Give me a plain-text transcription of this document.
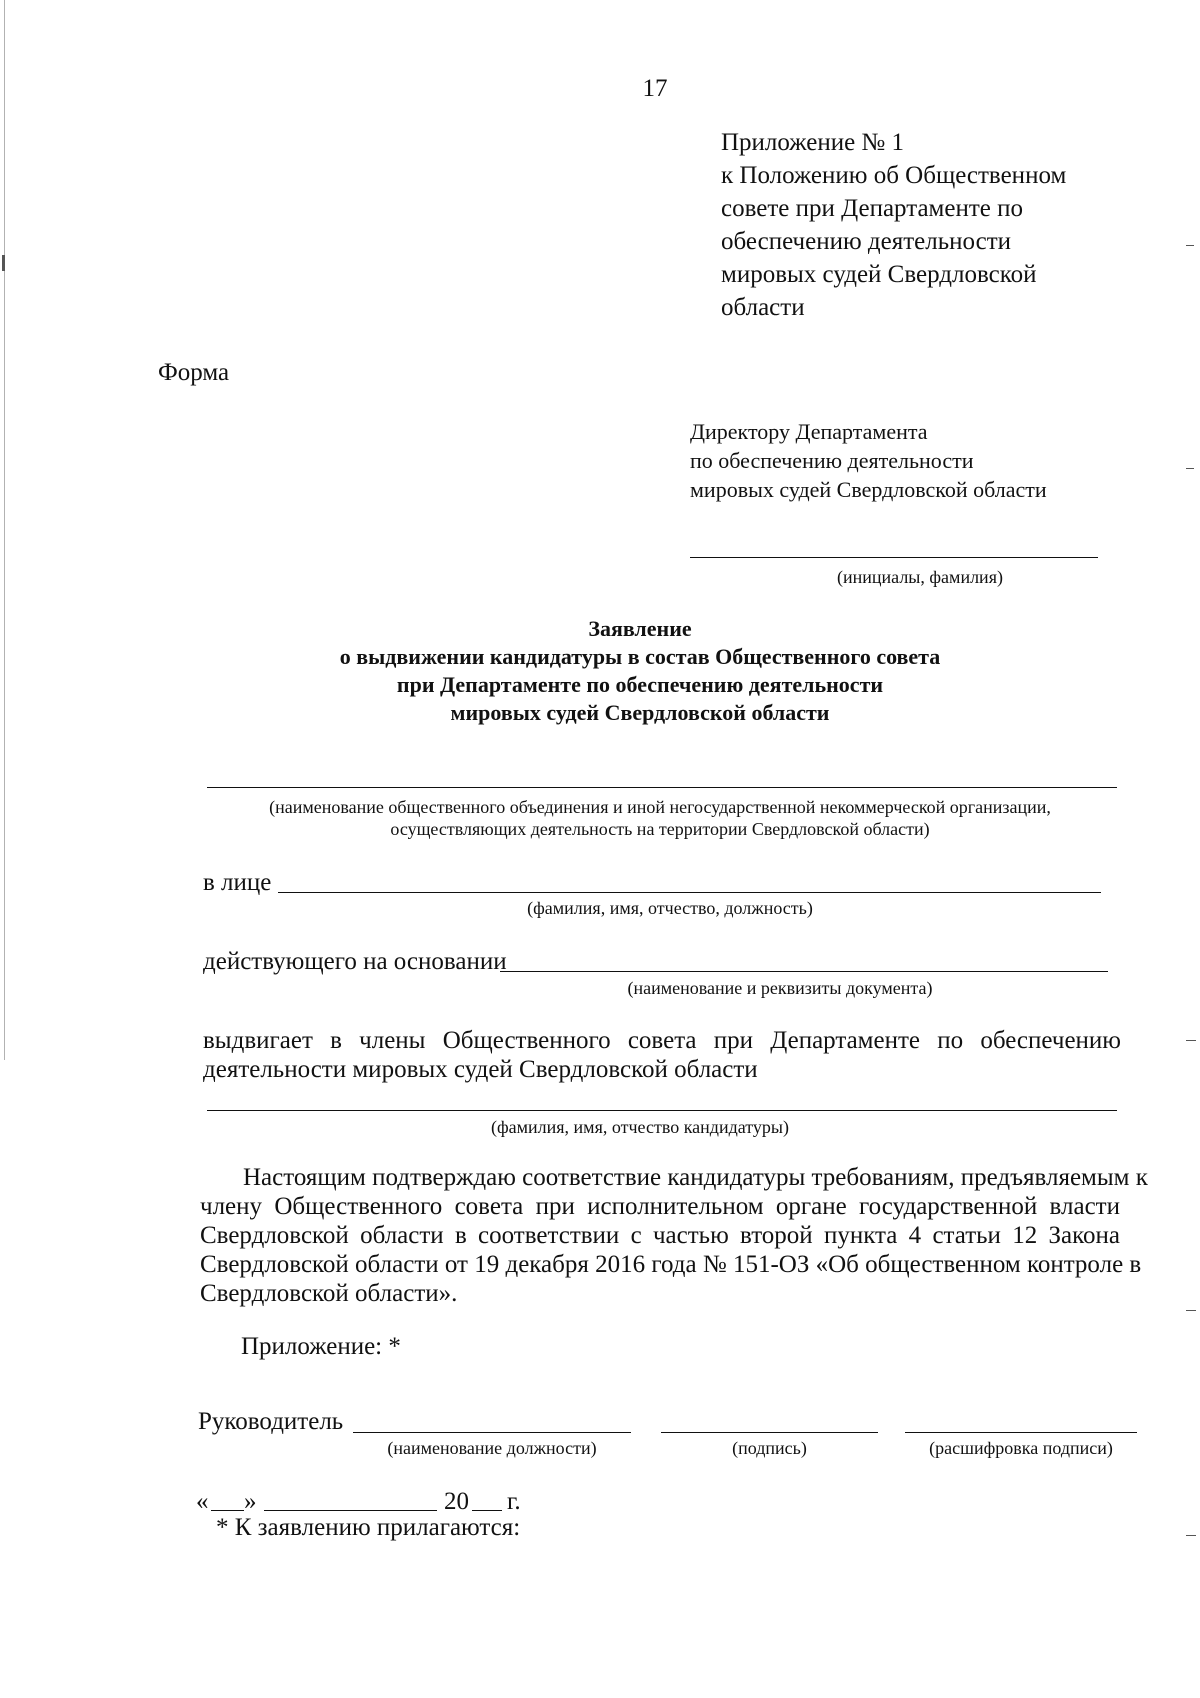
17
Приложение № 1
к Положению об Общественном
совете при Департаменте по
обеспечению деятельности
мировых судей Свердловской
области
Форма
Директору Департамента
по обеспечению деятельности
мировых судей Свердловской области
(инициалы, фамилия)
Заявление
о выдвижении кандидатуры в состав Общественного совета
при Департаменте по обеспечению деятельности
мировых судей Свердловской области
(наименование общественного объединения и иной негосударственной некоммерческой организации,
осуществляющих деятельность на территории Свердловской области)
в лице
(фамилия, имя, отчество, должность)
действующего на основании
(наименование и реквизиты документа)
выдвигает в члены Общественного совета при Департаменте по обеспечению
деятельности мировых судей Свердловской области
(фамилия, имя, отчество кандидатуры)
Настоящим подтверждаю соответствие кандидатуры требованиям, предъявляемым к
члену Общественного совета при исполнительном органе государственной власти
Свердловской области в соответствии с частью второй пункта 4 статьи 12 Закона
Свердловской области от 19 декабря 2016 года № 151-ОЗ «Об общественном контроле в
Свердловской области».
Приложение: *
Руководитель
(наименование должности)	(подпись)	(расшифровка подписи)
« »	20 г.
* К заявлению прилагаются:
